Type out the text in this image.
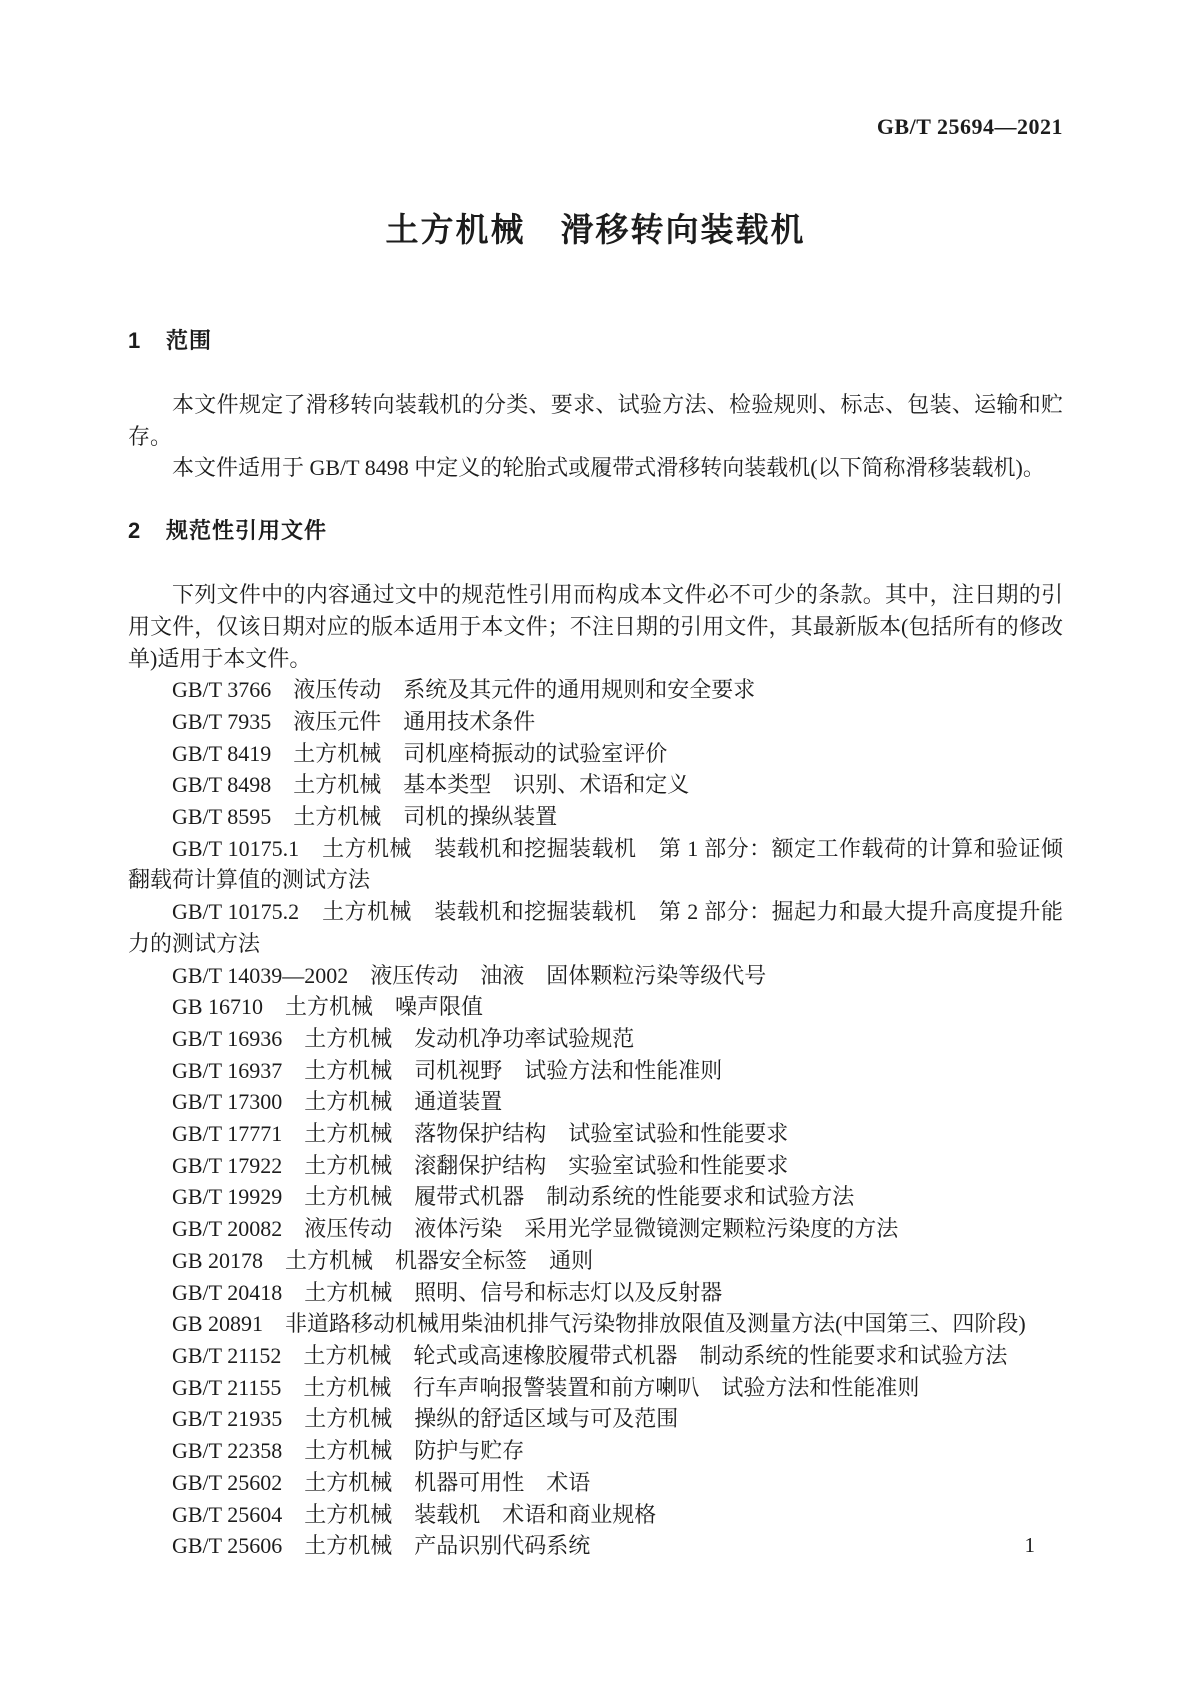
GB/T 25694—2021
土方机械　滑移转向装载机
1 范围

本文件规定了滑移转向装载机的分类、要求、试验方法、检验规则、标志、包装、运输和贮存。

本文件适用于 GB/T 8498 中定义的轮胎式或履带式滑移转向装载机(以下简称滑移装载机)。

2 规范性引用文件

下列文件中的内容通过文中的规范性引用而构成本文件必不可少的条款。其中，注日期的引用文件，仅该日期对应的版本适用于本文件；不注日期的引用文件，其最新版本(包括所有的修改单)适用于本文件。

GB/T 3766　液压传动　系统及其元件的通用规则和安全要求

GB/T 7935　液压元件　通用技术条件

GB/T 8419　土方机械　司机座椅振动的试验室评价

GB/T 8498　土方机械　基本类型　识别、术语和定义

GB/T 8595　土方机械　司机的操纵装置

GB/T 10175.1　土方机械　装载机和挖掘装载机　第 1 部分：额定工作载荷的计算和验证倾翻载荷计算值的测试方法

GB/T 10175.2　土方机械　装载机和挖掘装载机　第 2 部分：掘起力和最大提升高度提升能力的测试方法

GB/T 14039—2002　液压传动　油液　固体颗粒污染等级代号

GB 16710　土方机械　噪声限值

GB/T 16936　土方机械　发动机净功率试验规范

GB/T 16937　土方机械　司机视野　试验方法和性能准则

GB/T 17300　土方机械　通道装置

GB/T 17771　土方机械　落物保护结构　试验室试验和性能要求

GB/T 17922　土方机械　滚翻保护结构　实验室试验和性能要求

GB/T 19929　土方机械　履带式机器　制动系统的性能要求和试验方法

GB/T 20082　液压传动　液体污染　采用光学显微镜测定颗粒污染度的方法

GB 20178　土方机械　机器安全标签　通则

GB/T 20418　土方机械　照明、信号和标志灯以及反射器

GB 20891　非道路移动机械用柴油机排气污染物排放限值及测量方法(中国第三、四阶段)

GB/T 21152　土方机械　轮式或高速橡胶履带式机器　制动系统的性能要求和试验方法

GB/T 21155　土方机械　行车声响报警装置和前方喇叭　试验方法和性能准则

GB/T 21935　土方机械　操纵的舒适区域与可及范围

GB/T 22358　土方机械　防护与贮存

GB/T 25602　土方机械　机器可用性　术语

GB/T 25604　土方机械　装载机　术语和商业规格

GB/T 25606　土方机械　产品识别代码系统	1
